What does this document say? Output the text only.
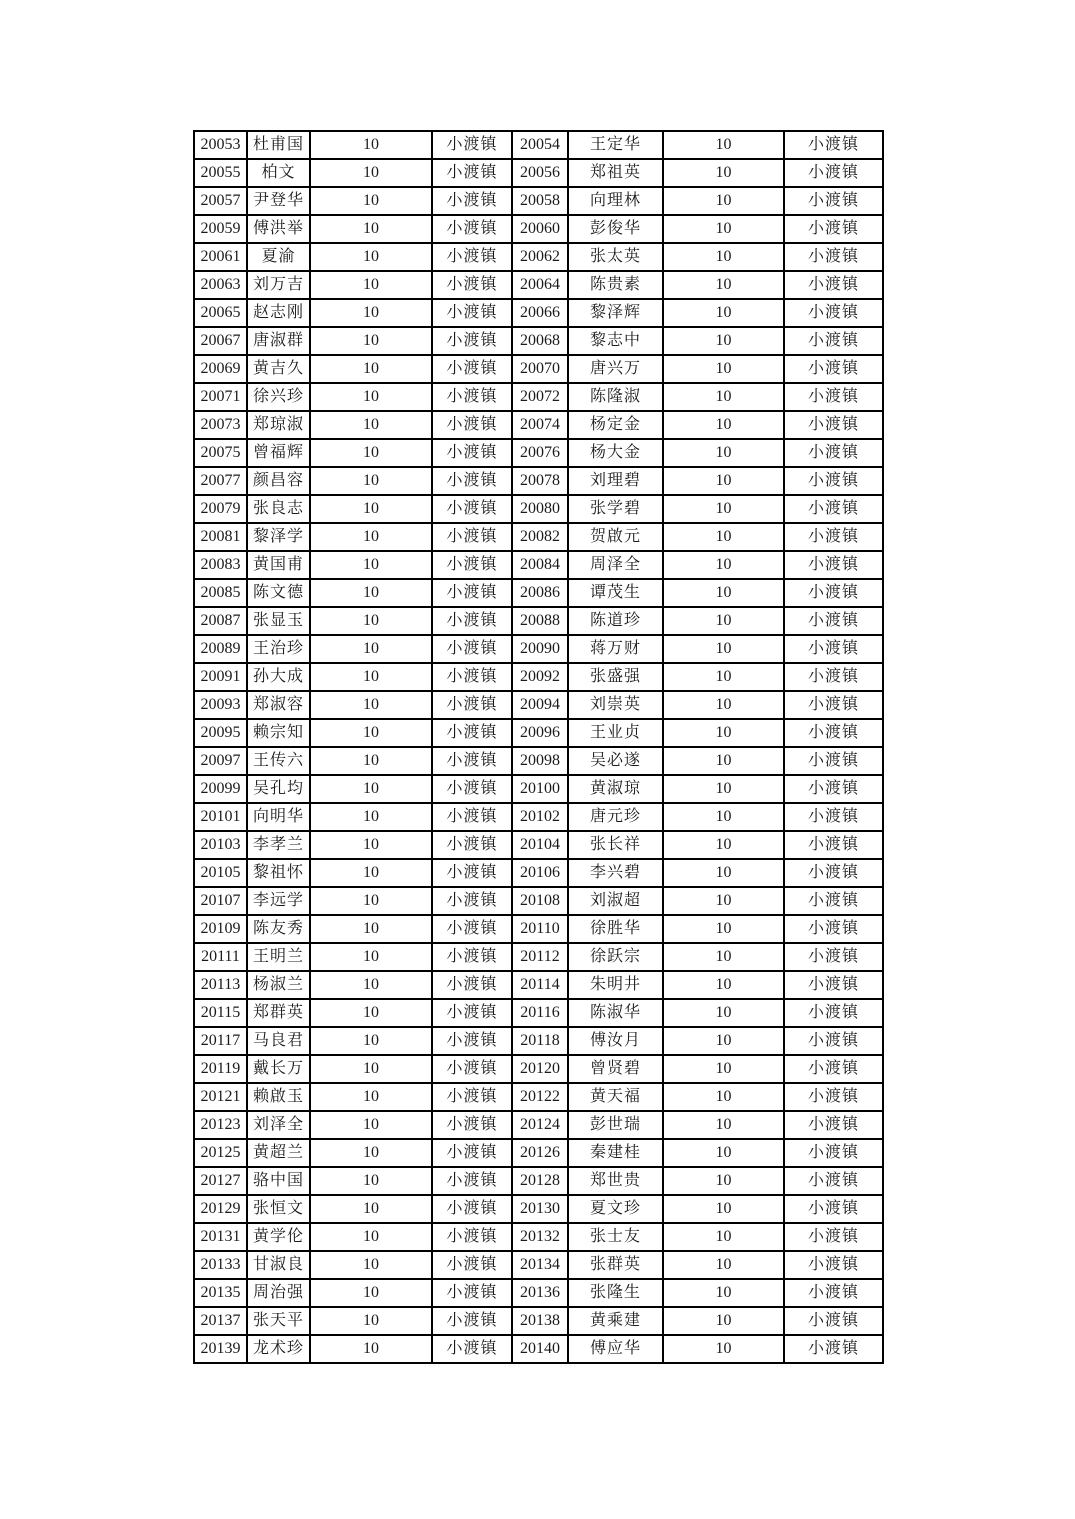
20053	杜甫国	10	小渡镇	20054	王定华	10	小渡镇
20055	柏文	10	小渡镇	20056	郑祖英	10	小渡镇
20057	尹登华	10	小渡镇	20058	向理林	10	小渡镇
20059	傅洪举	10	小渡镇	20060	彭俊华	10	小渡镇
20061	夏渝	10	小渡镇	20062	张太英	10	小渡镇
20063	刘万吉	10	小渡镇	20064	陈贵素	10	小渡镇
20065	赵志刚	10	小渡镇	20066	黎泽辉	10	小渡镇
20067	唐淑群	10	小渡镇	20068	黎志中	10	小渡镇
20069	黄吉久	10	小渡镇	20070	唐兴万	10	小渡镇
20071	徐兴珍	10	小渡镇	20072	陈隆淑	10	小渡镇
20073	郑琼淑	10	小渡镇	20074	杨定金	10	小渡镇
20075	曾福辉	10	小渡镇	20076	杨大金	10	小渡镇
20077	颜昌容	10	小渡镇	20078	刘理碧	10	小渡镇
20079	张良志	10	小渡镇	20080	张学碧	10	小渡镇
20081	黎泽学	10	小渡镇	20082	贺啟元	10	小渡镇
20083	黄国甫	10	小渡镇	20084	周泽全	10	小渡镇
20085	陈文德	10	小渡镇	20086	谭茂生	10	小渡镇
20087	张显玉	10	小渡镇	20088	陈道珍	10	小渡镇
20089	王治珍	10	小渡镇	20090	蒋万财	10	小渡镇
20091	孙大成	10	小渡镇	20092	张盛强	10	小渡镇
20093	郑淑容	10	小渡镇	20094	刘崇英	10	小渡镇
20095	赖宗知	10	小渡镇	20096	王业贞	10	小渡镇
20097	王传六	10	小渡镇	20098	吴必遂	10	小渡镇
20099	吴孔均	10	小渡镇	20100	黄淑琼	10	小渡镇
20101	向明华	10	小渡镇	20102	唐元珍	10	小渡镇
20103	李孝兰	10	小渡镇	20104	张长祥	10	小渡镇
20105	黎祖怀	10	小渡镇	20106	李兴碧	10	小渡镇
20107	李远学	10	小渡镇	20108	刘淑超	10	小渡镇
20109	陈友秀	10	小渡镇	20110	徐胜华	10	小渡镇
20111	王明兰	10	小渡镇	20112	徐跃宗	10	小渡镇
20113	杨淑兰	10	小渡镇	20114	朱明井	10	小渡镇
20115	郑群英	10	小渡镇	20116	陈淑华	10	小渡镇
20117	马良君	10	小渡镇	20118	傅汝月	10	小渡镇
20119	戴长万	10	小渡镇	20120	曾贤碧	10	小渡镇
20121	赖啟玉	10	小渡镇	20122	黄天福	10	小渡镇
20123	刘泽全	10	小渡镇	20124	彭世瑞	10	小渡镇
20125	黄超兰	10	小渡镇	20126	秦建桂	10	小渡镇
20127	骆中国	10	小渡镇	20128	郑世贵	10	小渡镇
20129	张恒文	10	小渡镇	20130	夏文珍	10	小渡镇
20131	黄学伦	10	小渡镇	20132	张士友	10	小渡镇
20133	甘淑良	10	小渡镇	20134	张群英	10	小渡镇
20135	周治强	10	小渡镇	20136	张隆生	10	小渡镇
20137	张天平	10	小渡镇	20138	黄乘建	10	小渡镇
20139	龙术珍	10	小渡镇	20140	傅应华	10	小渡镇
